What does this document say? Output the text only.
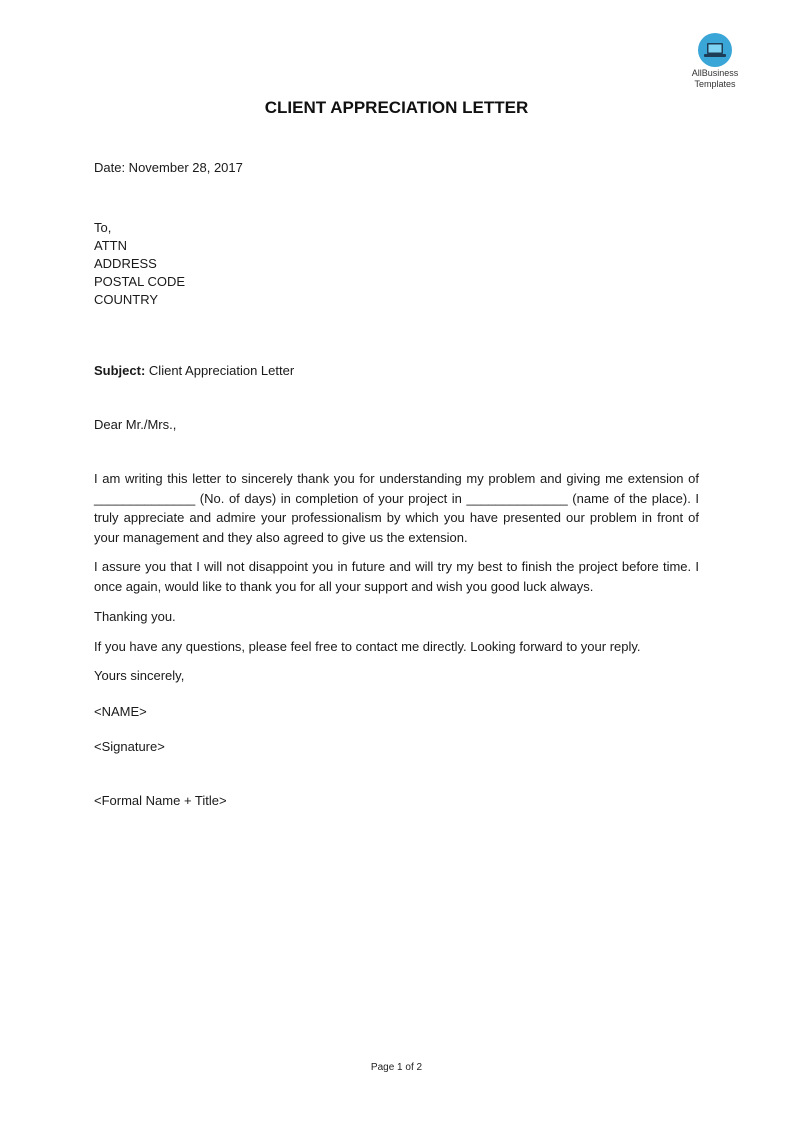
AllBusiness
Templates
CLIENT APPRECIATION LETTER
Date: November 28, 2017
To,
ATTN
ADDRESS
POSTAL CODE
COUNTRY
Subject: Client Appreciation Letter
Dear Mr./Mrs.,
I am writing this letter to sincerely thank you for understanding my problem and giving me extension of ______________ (No. of days) in completion of your project in ______________ (name of the place). I truly appreciate and admire your professionalism by which you have presented our problem in front of your management and they also agreed to give us the extension.
I assure you that I will not disappoint you in future and will try my best to finish the project before time. I once again, would like to thank you for all your support and wish you good luck always.
Thanking you.
If you have any questions, please feel free to contact me directly. Looking forward to your reply.
Yours sincerely,
<NAME>
<Signature>
<Formal Name + Title>
Page 1 of 2
